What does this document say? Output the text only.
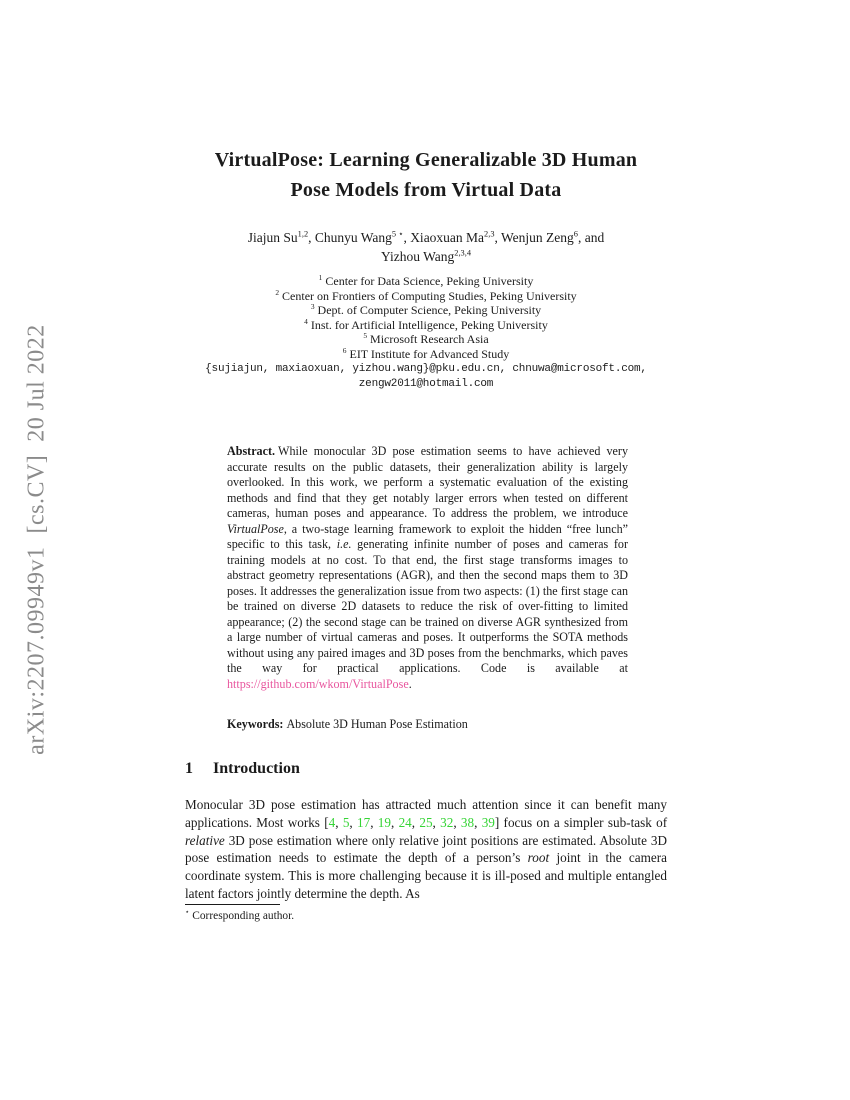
arXiv:2207.09949v1  [cs.CV]  20 Jul 2022
VirtualPose: Learning Generalizable 3D Human
Pose Models from Virtual Data
Jiajun Su$^{1,2}$, Chunyu Wang$^{5 ⋆}$, Xiaoxuan Ma$^{2,3}$, Wenjun Zeng$^6$, and
Yizhou Wang$^{2,3,4}$
$^1$ Center for Data Science, Peking University
$^2$ Center on Frontiers of Computing Studies, Peking University
$^3$ Dept. of Computer Science, Peking University
$^4$ Inst. for Artificial Intelligence, Peking University
$^5$ Microsoft Research Asia
$^6$ EIT Institute for Advanced Study
{sujiajun, maxiaoxuan, yizhou.wang}@pku.edu.cn, chnuwa@microsoft.com,
zengw2011@hotmail.com
Abstract. While monocular 3D pose estimation seems to have achieved very accurate results on the public datasets, their generalization ability is largely overlooked. In this work, we perform a systematic evaluation of the existing methods and find that they get notably larger errors when tested on different cameras, human poses and appearance. To address the problem, we introduce VirtualPose, a two-stage learning framework to exploit the hidden “free lunch” specific to this task, i.e. generating infinite number of poses and cameras for training models at no cost. To that end, the first stage transforms images to abstract geometry representations (AGR), and then the second maps them to 3D poses. It addresses the generalization issue from two aspects: (1) the first stage can be trained on diverse 2D datasets to reduce the risk of over-fitting to limited appearance; (2) the second stage can be trained on diverse AGR synthesized from a large number of virtual cameras and poses. It outperforms the SOTA methods without using any paired images and 3D poses from the benchmarks, which paves the way for practical applications. Code is available at https://github.com/wkom/VirtualPose.
Keywords: Absolute 3D Human Pose Estimation
1 Introduction
Monocular 3D pose estimation has attracted much attention since it can benefit many applications. Most works [4, 5, 17, 19, 24, 25, 32, 38, 39] focus on a simpler sub-task of relative 3D pose estimation where only relative joint positions are estimated. Absolute 3D pose estimation needs to estimate the depth of a person’s root joint in the camera coordinate system. This is more challenging because it is ill-posed and multiple entangled latent factors jointly determine the depth. As
⋆ Corresponding author.
